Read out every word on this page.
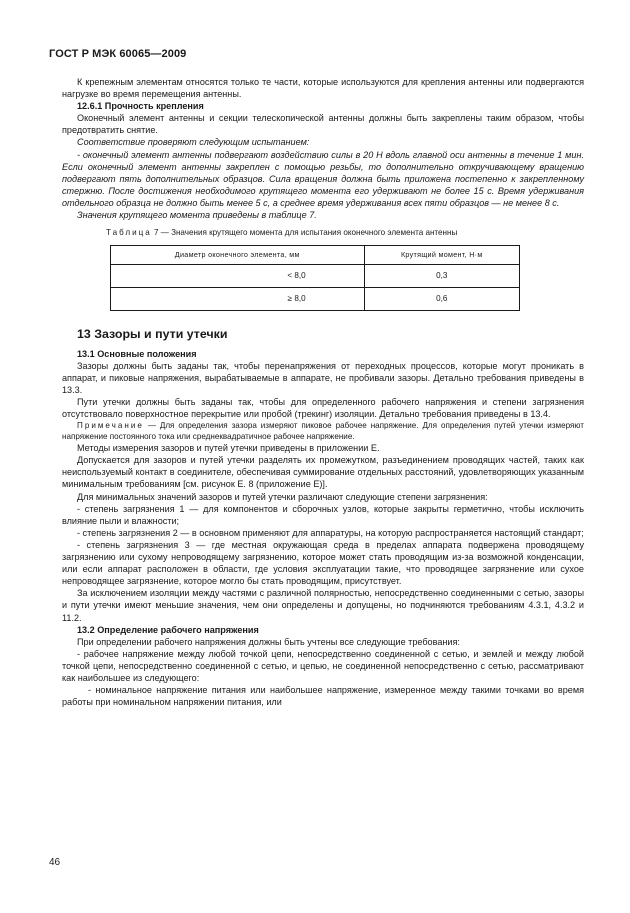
ГОСТ Р МЭК 60065—2009

К крепежным элементам относятся только те части, которые используются для крепления антенны или подвергаются нагрузке во время перемещения антенны.

12.6.1 Прочность крепления

Оконечный элемент антенны и секции телескопической антенны должны быть закреплены таким образом, чтобы предотвратить снятие.

Соответствие проверяют следующим испытанием:

- оконечный элемент антенны подвергают воздействию силы в 20 Н вдоль главной оси антенны в течение 1 мин. Если оконечный элемент антенны закреплен с помощью резьбы, то дополнительно откручивающему вращению подвергают пять дополнительных образцов. Сила вращения должна быть приложена постепенно к закрепленному стержню. После достижения необходимого крутящего момента его удерживают не более 15 с. Время удерживания отдельного образца не должно быть менее 5 с, а среднее время удерживания всех пяти образцов — не менее 8 с.

Значения крутящего момента приведены в таблице 7.

Таблица 7 — Значения крутящего момента для испытания оконечного элемента антенны

Диаметр оконечного элемента, мм	Крутящий момент, Н·м
< 8,0	0,3
≥ 8,0	0,6

13 Зазоры и пути утечки

13.1 Основные положения

Зазоры должны быть заданы так, чтобы перенапряжения от переходных процессов, которые могут проникать в аппарат, и пиковые напряжения, вырабатываемые в аппарате, не пробивали зазоры. Детально требования приведены в 13.3.

Пути утечки должны быть заданы так, чтобы для определенного рабочего напряжения и степени загрязнения отсутствовало поверхностное перекрытие или пробой (трекинг) изоляции. Детально требования приведены в 13.4.

Примечание — Для определения зазора измеряют пиковое рабочее напряжение. Для определения путей утечки измеряют напряжение постоянного тока или среднеквадратичное рабочее напряжение.

Методы измерения зазоров и путей утечки приведены в приложении Е.

Допускается для зазоров и путей утечки разделять их промежутком, разъединением проводящих частей, таких как неиспользуемый контакт в соединителе, обеспечивая суммирование отдельных расстояний, удовлетворяющих указанным минимальным требованиям [см. рисунок Е. 8 (приложение Е)].

Для минимальных значений зазоров и путей утечки различают следующие степени загрязнения:

- степень загрязнения 1 — для компонентов и сборочных узлов, которые закрыты герметично, чтобы исключить влияние пыли и влажности;

- степень загрязнения 2 — в основном применяют для аппаратуры, на которую распространяется настоящий стандарт;

- степень загрязнения 3 — где местная окружающая среда в пределах аппарата подвержена проводящему загрязнению или сухому непроводящему загрязнению, которое может стать проводящим из-за возможной конденсации, или если аппарат расположен в области, где условия эксплуатации такие, что проводящее загрязнение или сухое непроводящее загрязнение, которое могло бы стать проводящим, присутствует.

За исключением изоляции между частями с различной полярностью, непосредственно соединенными с сетью, зазоры и пути утечки имеют меньшие значения, чем они определены и допущены, но подчиняются требованиям 4.3.1, 4.3.2 и 11.2.

13.2 Определение рабочего напряжения

При определении рабочего напряжения должны быть учтены все следующие требования:

- рабочее напряжение между любой точкой цепи, непосредственно соединенной с сетью, и землей и между любой точкой цепи, непосредственно соединенной с сетью, и цепью, не соединенной непосредственно с сетью, рассматривают как наибольшее из следующего:

- номинальное напряжение питания или наибольшее напряжение, измеренное между такими точками во время работы при номинальном напряжении питания, или

46
